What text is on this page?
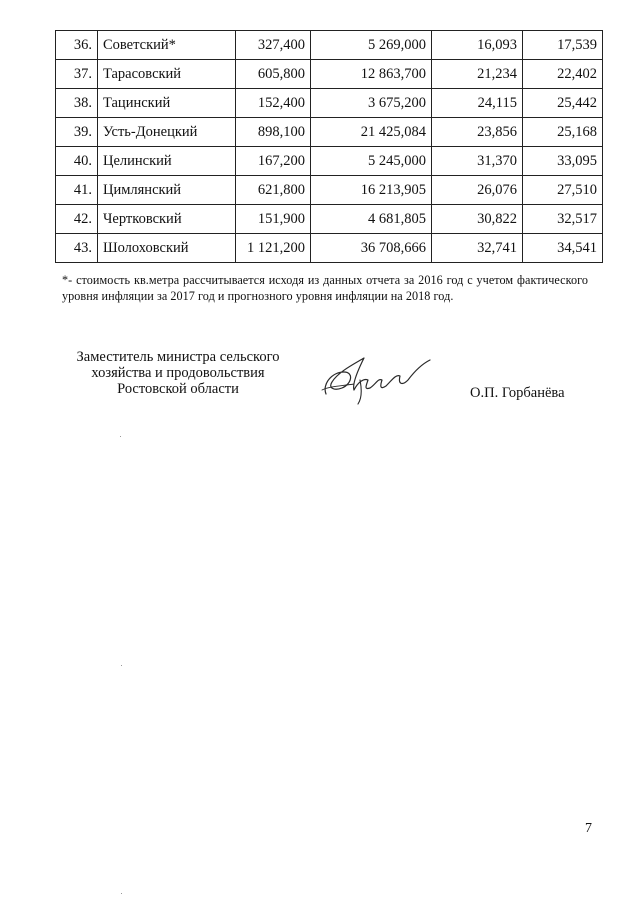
36.	Советский*	327,400	5 269,000	16,093	17,539
37.	Тарасовский	605,800	12 863,700	21,234	22,402
38.	Тацинский	152,400	3 675,200	24,115	25,442
39.	Усть-Донецкий	898,100	21 425,084	23,856	25,168
40.	Целинский	167,200	5 245,000	31,370	33,095
41.	Цимлянский	621,800	16 213,905	26,076	27,510
42.	Чертковский	151,900	4 681,805	30,822	32,517
43.	Шолоховский	1 121,200	36 708,666	32,741	34,541
*- стоимость кв.метра рассчитывается исходя из данных отчета за 2016 год с учетом фактического уровня инфляции за 2017 год и прогнозного уровня инфляции на 2018 год.
Заместитель министра сельского
хозяйства и продовольствия
Ростовской области	О.П. Горбанёва
7
